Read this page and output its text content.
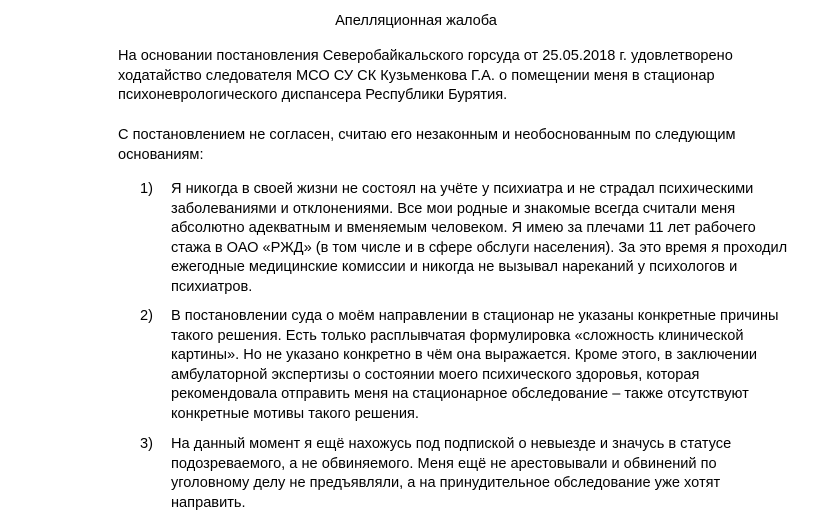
Апелляционная жалоба
На основании постановления Северобайкальского горсуда от 25.05.2018 г. удовлетворено
ходатайство следователя МСО СУ СК Кузьменкова Г.А. о помещении меня в стационар
психоневрологического диспансера Республики Бурятия.
С постановлением не согласен, считаю его незаконным и необоснованным по следующим
основаниям:
1) Я никогда в своей жизни не состоял на учёте у психиатра и не страдал психическими
заболеваниями и отклонениями. Все мои родные и знакомые всегда считали меня
абсолютно адекватным и вменяемым человеком. Я имею за плечами 11 лет рабочего
стажа в ОАО «РЖД» (в том числе и в сфере обслуги населения). За это время я проходил
ежегодные медицинские комиссии и никогда не вызывал нареканий у психологов и
психиатров.
2) В постановлении суда о моём направлении в стационар не указаны конкретные причины
такого решения. Есть только расплывчатая формулировка «сложность клинической
картины». Но не указано конкретно в чём она выражается. Кроме этого, в заключении
амбулаторной экспертизы о состоянии моего психического здоровья, которая
рекомендовала отправить меня на стационарное обследование – также отсутствуют
конкретные мотивы такого решения.
3) На данный момент я ещё нахожусь под подпиской о невыезде и значусь в статусе
подозреваемого, а не обвиняемого. Меня ещё не арестовывали и обвинений по
уголовному делу не предъявляли, а на принудительное обследование уже хотят
направить.
